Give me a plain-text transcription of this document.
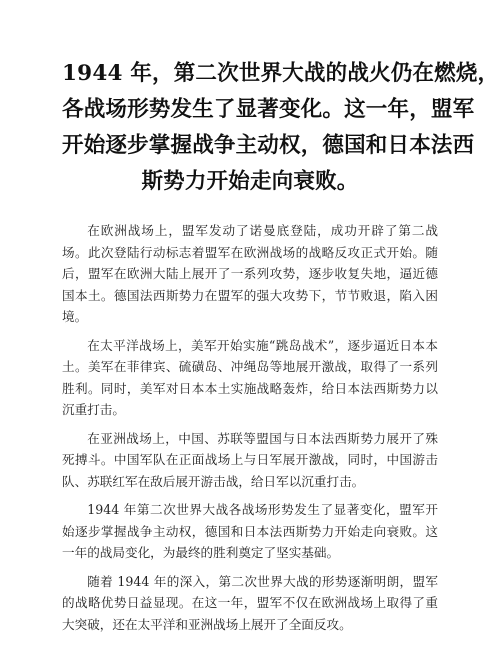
1944 年，第二次世界大战的战火仍在燃烧，
各战场形势发生了显著变化。这一年，盟军
开始逐步掌握战争主动权，德国和日本法西
斯势力开始走向衰败。

在欧洲战场上，盟军发动了诺曼底登陆，成功开辟了第二战场。此次登陆行动标志着盟军在欧洲战场的战略反攻正式开始。随后，盟军在欧洲大陆上展开了一系列攻势，逐步收复失地，逼近德国本土。德国法西斯势力在盟军的强大攻势下，节节败退，陷入困境。

在太平洋战场上，美军开始实施“跳岛战术”，逐步逼近日本本土。美军在菲律宾、硫磺岛、冲绳岛等地展开激战，取得了一系列胜利。同时，美军对日本本土实施战略轰炸，给日本法西斯势力以沉重打击。

在亚洲战场上，中国、苏联等盟国与日本法西斯势力展开了殊死搏斗。中国军队在正面战场上与日军展开激战，同时，中国游击队、苏联红军在敌后展开游击战，给日军以沉重打击。

1944 年第二次世界大战各战场形势发生了显著变化，盟军开始逐步掌握战争主动权，德国和日本法西斯势力开始走向衰败。这一年的战局变化，为最终的胜利奠定了坚实基础。

随着 1944 年的深入，第二次世界大战的形势逐渐明朗，盟军的战略优势日益显现。在这一年，盟军不仅在欧洲战场上取得了重大突破，还在太平洋和亚洲战场上展开了全面反攻。
